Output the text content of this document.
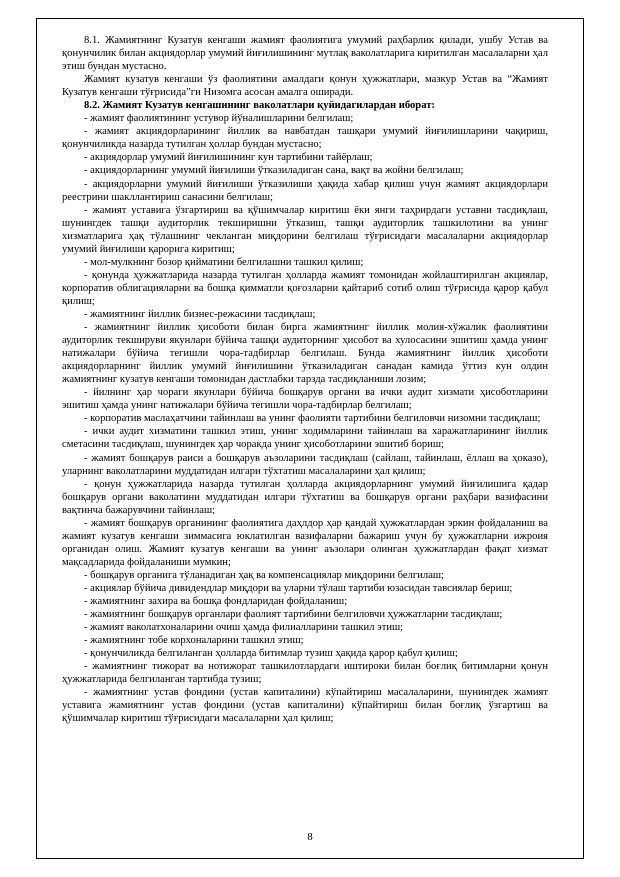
8.1. Жамиятнинг Кузатув кенгаши жамият фаолиятига умумий раҳбарлик қилади, ушбу Устав ва қонунчилик билан акциядорлар умумий йиғилишининг мутлақ ваколатларига киритилган масалаларни ҳал этиш бундан мустасно.

Жамият кузатув кенгаши ўз фаолиятини амалдаги қонун ҳужжатлари, мазкур Устав ва “Жамият Кузатув кенгаши тўғрисида”ги Низомга асосан амалга оширади.

8.2. Жамият Кузатув кенгашининг ваколатлари қуйидагилардан иборат:

- жамият фаолиятининг устувор йўналишларини белгилаш;

- жамият акциядорларининг йиллик ва навбатдан ташқари умумий йиғилишларини чақириш, қонунчиликда назарда тутилган ҳоллар бундан мустасно;

- акциядорлар умумий йиғилишининг кун тартибини тайёрлаш;

- акциядорларнинг умумий йиғилиши ўтказиладиган сана, вақт ва жойни белгилаш;

- акциядорларни умумий йиғилиши ўтказилиши ҳақида хабар қилиш учун жамият акциядорлари реестрини шакллантириш санасини белгилаш;

- жамият уставига ўзгартириш ва қўшимчалар киритиш ёки янги таҳрирдаги уставни тасдиқлаш, шунингдек ташқи аудиторлик текширишни ўтказиш, ташқи аудиторлик ташкилотини ва унинг хизматларига ҳақ тўлашнинг чекланган миқдорини белгилаш тўғрисидаги масалаларни акциядорлар умумий йиғилиши қарорига киритиш;

- мол-мулкнинг бозор қийматини белгилашни ташкил қилиш;

- қонунда ҳужжатларида назарда тутилган ҳолларда жамият томонидан жойлаштирилган акциялар, корпоратив облигацияларни ва бошқа қимматли қоғозларни қайтариб сотиб олиш тўғрисида қарор қабул қилиш;

- жамиятнинг йиллик бизнес-режасини тасдиқлаш;

- жамиятнинг йиллик ҳисоботи билан бирга жамиятнинг йиллик молия-хўжалик фаолиятини аудиторлик текшируви якунлари бўйича ташқи аудиторнинг ҳисобот ва хулосасини эшитиш ҳамда унинг натижалари бўйича тегишли чора-тадбирлар белгилаш. Бунда жамиятнинг йиллик ҳисоботи акциядорларнинг йиллик умумий йиғилишини ўтказиладиган санадан камида ўттиз кун олдин жамиятнинг кузатув кенгаши томонидан дастлабки тарзда тасдиқланиши лозим;

- йилнинг ҳар чораги якунлари бўйича бошқарув органи ва ички аудит хизмати ҳисоботларини эшитиш ҳамда унинг натижалари бўйича тегишли чора-тадбирлар белгилаш;

- корпоратив маслаҳатчини тайинлаш ва унинг фаолияти тартибини белгиловчи низомни тасдиқлаш;

- ички аудит хизматини ташкил этиш, унинг ходимларини тайинлаш ва харажатларининг йиллик сметасини тасдиқлаш, шунингдек ҳар чоракда унинг ҳисоботларини эшитиб бориш;

- жамият бошқарув раиси а бошқарув аъзоларини тасдиқлаш (сайлаш, тайинлаш, ёллаш ва ҳоказо), уларнинг ваколатларини муддатидан илгари тўхтатиш масалаларини ҳал қилиш;

- қонун ҳужжатларида назарда тутилган ҳолларда акциядорларнинг умумий йиғилишига қадар бошқарув органи ваколатини муддатидан илгари тўхтатиш ва бошқарув органи раҳбари вазифасини вақтинча бажарувчини тайинлаш;

- жамият бошқарув органининг фаолиятига даҳлдор ҳар қандай ҳужжатлардан эркин фойдаланиш ва жамият кузатув кенгаши зиммасига юклатилган вазифаларни бажариш учун бу ҳужжатларни ижроия органидан олиш. Жамият кузатув кенгаши ва унинг аъзолари олинган ҳужжатлардан фақат хизмат мақсадларида фойдаланиши мумкин;

- бошқарув органига тўланадиган ҳақ ва компенсациялар миқдорини белгилаш;

- акциялар бўйича дивидендлар миқдори ва уларни тўлаш тартиби юзасидан тавсиялар бериш;

- жамиятнинг захира ва бошқа фондларидан фойдаланиш;

- жамиятнинг бошқарув органлари фаолият тартибини белгиловчи ҳужжатларни тасдиқлаш;

- жамият ваколатхоналарини очиш ҳамда филиалларини ташкил этиш;

- жамиятнинг тобе корхоналарини ташкил этиш;

- қонунчиликда белгиланган ҳолларда битимлар тузиш ҳақида қарор қабул қилиш;

- жамиятнинг тижорат ва нотижорат ташкилотлардаги иштироки билан боғлиқ битимларни қонун ҳужжатларида белгиланган тартибда тузиш;

- жамиятнинг устав фондини (устав капиталини) кўпайтириш масалаларини, шунингдек жамият уставига жамиятнинг устав фондини (устав капиталини) кўпайтириш билан боғлиқ ўзгартиш ва қўшимчалар киритиш тўғрисидаги масалаларни ҳал қилиш;

8
